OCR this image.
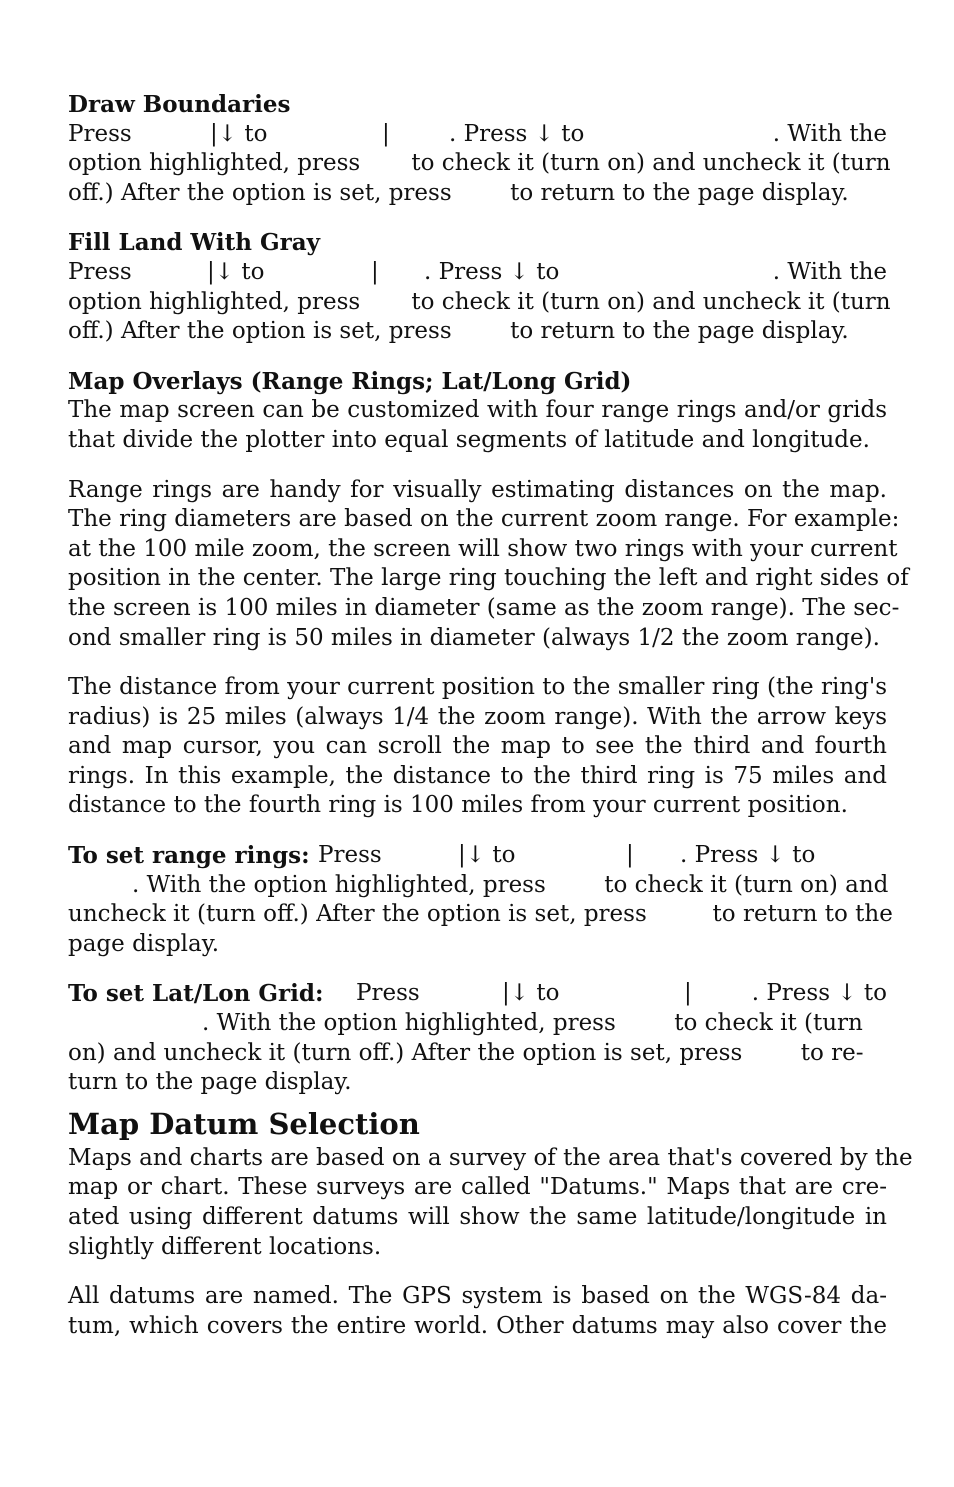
Draw Boundaries
Press	|↓ to	|	. Press ↓ to	. With the
option highlighted, press       to check it (turn on) and uncheck it (turn
off.) After the option is set, press        to return to the page display.
Fill Land With Gray
Press	|↓ to	| . Press ↓ to	. With the
option highlighted, press       to check it (turn on) and uncheck it (turn
off.) After the option is set, press        to return to the page display.
Map Overlays (Range Rings; Lat/Long Grid)
The map screen can be customized with four range rings and/or grids
that divide the plotter into equal segments of latitude and longitude.
Range rings are handy for visually estimating distances on the map.
The ring diameters are based on the current zoom range. For example:
at the 100 mile zoom, the screen will show two rings with your current
position in the center. The large ring touching the left and right sides of
the screen is 100 miles in diameter (same as the zoom range). The sec-
ond smaller ring is 50 miles in diameter (always 1/2 the zoom range).
The distance from your current position to the smaller ring (the ring's
radius) is 25 miles (always 1/4 the zoom range). With the arrow keys
and map cursor, you can scroll the map to see the third and fourth
rings. In this example, the distance to the third ring is 75 miles and
distance to the fourth ring is 100 miles from your current position.
To set range rings: Press	|↓ to	| . Press ↓ to
. With the option highlighted, press        to check it (turn on) and
uncheck it (turn off.) After the option is set, press         to return to the
page display.
To set Lat/Lon Grid: Press	|↓ to	|	. Press ↓ to
. With the option highlighted, press        to check it (turn
on) and uncheck it (turn off.) After the option is set, press        to re-
turn to the page display.
Map Datum Selection
Maps and charts are based on a survey of the area that's covered by the
map or chart. These surveys are called "Datums." Maps that are cre-
ated using different datums will show the same latitude/longitude in
slightly different locations.
All datums are named. The GPS system is based on the WGS-84 da-
tum, which covers the entire world. Other datums may also cover the
